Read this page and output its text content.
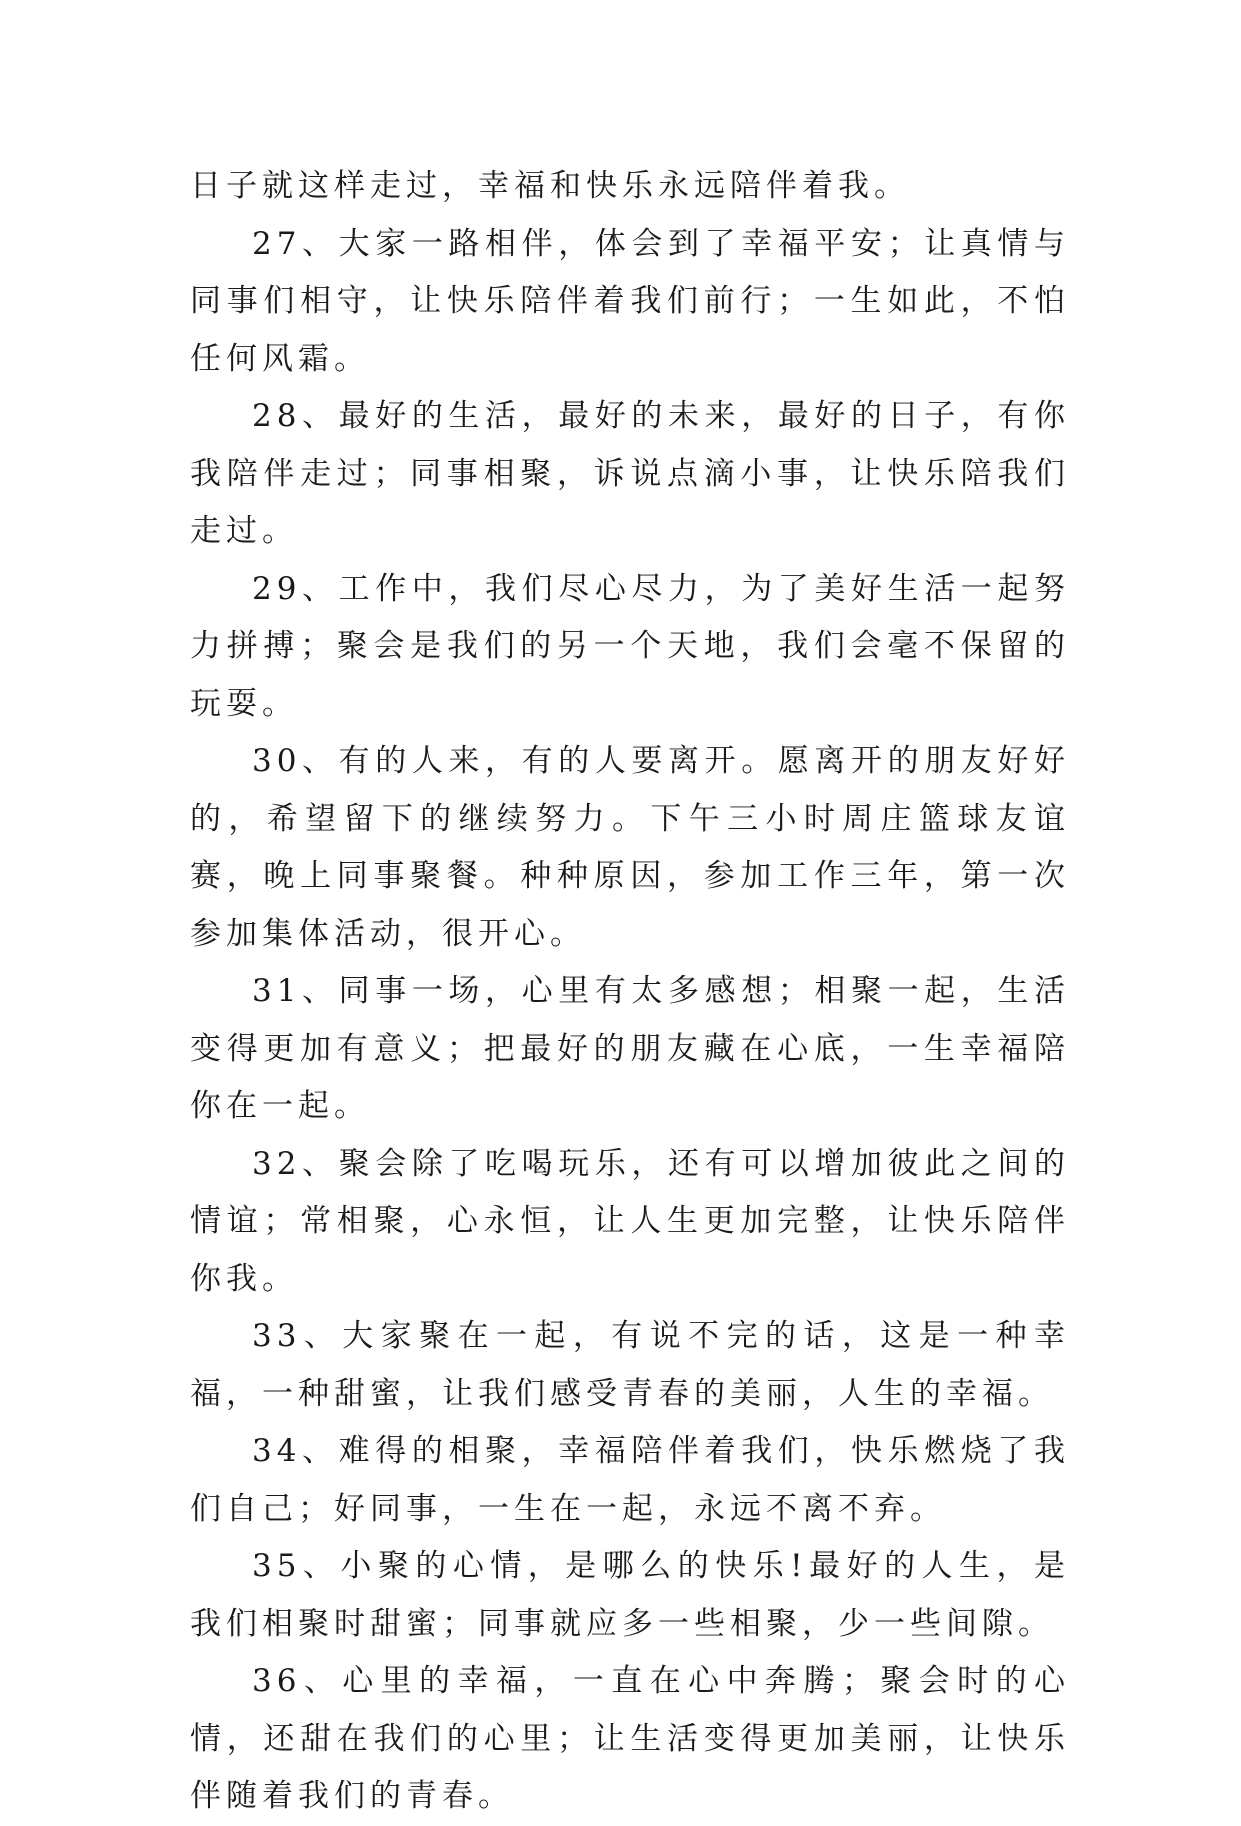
日子就这样走过，幸福和快乐永远陪伴着我。

27、大家一路相伴，体会到了幸福平安；让真情与同事们相守，让快乐陪伴着我们前行；一生如此，不怕任何风霜。

28、最好的生活，最好的未来，最好的日子，有你我陪伴走过；同事相聚，诉说点滴小事，让快乐陪我们走过。

29、工作中，我们尽心尽力，为了美好生活一起努力拼搏；聚会是我们的另一个天地，我们会毫不保留的玩耍。

30、有的人来，有的人要离开。愿离开的朋友好好的，希望留下的继续努力。下午三小时周庄篮球友谊赛，晚上同事聚餐。种种原因，参加工作三年，第一次参加集体活动，很开心。

31、同事一场，心里有太多感想；相聚一起，生活变得更加有意义；把最好的朋友藏在心底，一生幸福陪你在一起。

32、聚会除了吃喝玩乐，还有可以增加彼此之间的情谊；常相聚，心永恒，让人生更加完整，让快乐陪伴你我。

33、大家聚在一起，有说不完的话，这是一种幸福，一种甜蜜，让我们感受青春的美丽，人生的幸福。

34、难得的相聚，幸福陪伴着我们，快乐燃烧了我们自己；好同事，一生在一起，永远不离不弃。

35、小聚的心情，是哪么的快乐!最好的人生，是我们相聚时甜蜜；同事就应多一些相聚，少一些间隙。

36、心里的幸福，一直在心中奔腾；聚会时的心情，还甜在我们的心里；让生活变得更加美丽，让快乐伴随着我们的青春。
